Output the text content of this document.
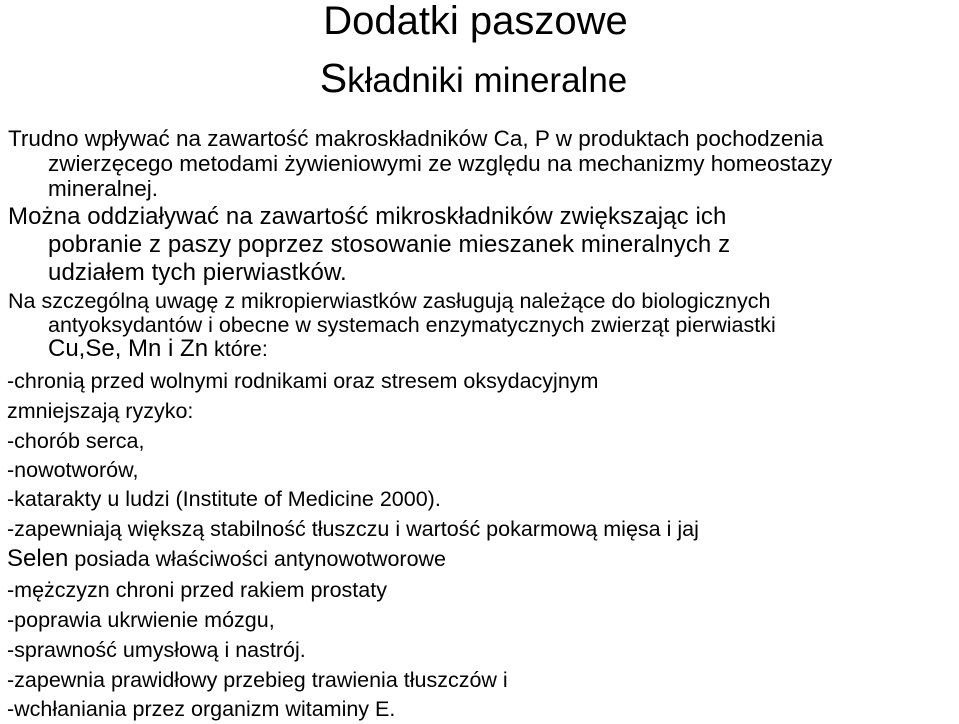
Dodatki paszowe
Składniki mineralne
Trudno wpływać na zawartość makroskładników Ca, P w produktach pochodzenia
zwierzęcego metodami żywieniowymi ze względu na mechanizmy homeostazy
mineralnej.
Można oddziaływać na zawartość mikroskładników zwiększając ich
pobranie z paszy poprzez stosowanie mieszanek mineralnych z
udziałem tych pierwiastków.
Na szczególną uwagę z mikropierwiastków zasługują należące do biologicznych
antyoksydantów i obecne w systemach enzymatycznych zwierząt pierwiastki
Cu,Se, Mn i Zn które:
-chronią przed wolnymi rodnikami oraz stresem oksydacyjnym
zmniejszają ryzyko:
-chorób serca,
-nowotworów,
-katarakty u ludzi (Institute of Medicine 2000).
-zapewniają większą stabilność tłuszczu i wartość pokarmową mięsa i jaj
Selen posiada właściwości antynowotworowe
-mężczyzn chroni przed rakiem prostaty
-poprawia ukrwienie mózgu,
-sprawność umysłową i nastrój.
-zapewnia prawidłowy przebieg trawienia tłuszczów i
-wchłaniania przez organizm witaminy E.
